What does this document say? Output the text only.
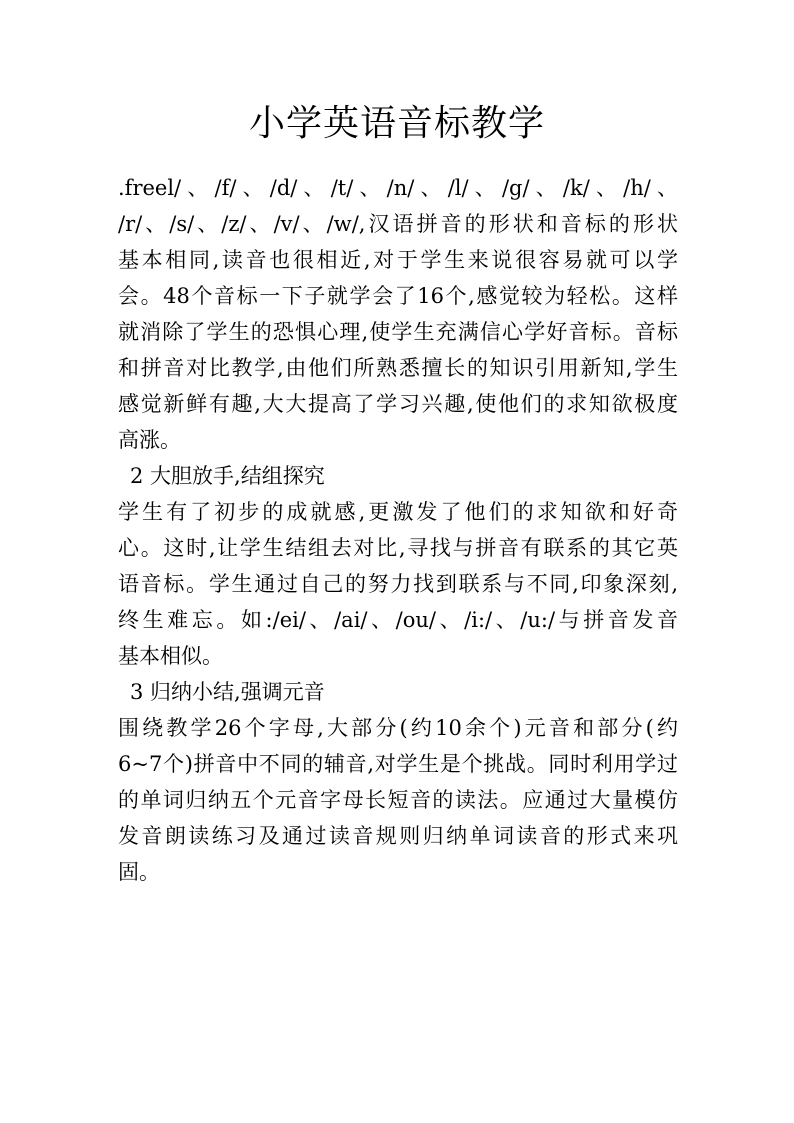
小学英语音标教学
.freel/、/f/、/d/、/t/、/n/、/l/、/g/、/k/、/h/、
/r/、/s/、/z/、/v/、/w/,汉语拼音的形状和音标的形状
基本相同,读音也很相近,对于学生来说很容易就可以学
会。48个音标一下子就学会了16个,感觉较为轻松。这样
就消除了学生的恐惧心理,使学生充满信心学好音标。音标
和拼音对比教学,由他们所熟悉擅长的知识引用新知,学生
感觉新鲜有趣,大大提高了学习兴趣,使他们的求知欲极度
高涨。
2 大胆放手,结组探究
学生有了初步的成就感,更激发了他们的求知欲和好奇
心。这时,让学生结组去对比,寻找与拼音有联系的其它英
语音标。学生通过自己的努力找到联系与不同,印象深刻,
终生难忘。如:/ei/、/ai/、/ou/、/i:/、/u:/与拼音发音
基本相似。
3 归纳小结,强调元音
围绕教学26个字母,大部分(约10余个)元音和部分(约
6~7个)拼音中不同的辅音,对学生是个挑战。同时利用学过
的单词归纳五个元音字母长短音的读法。应通过大量模仿
发音朗读练习及通过读音规则归纳单词读音的形式来巩
固。
